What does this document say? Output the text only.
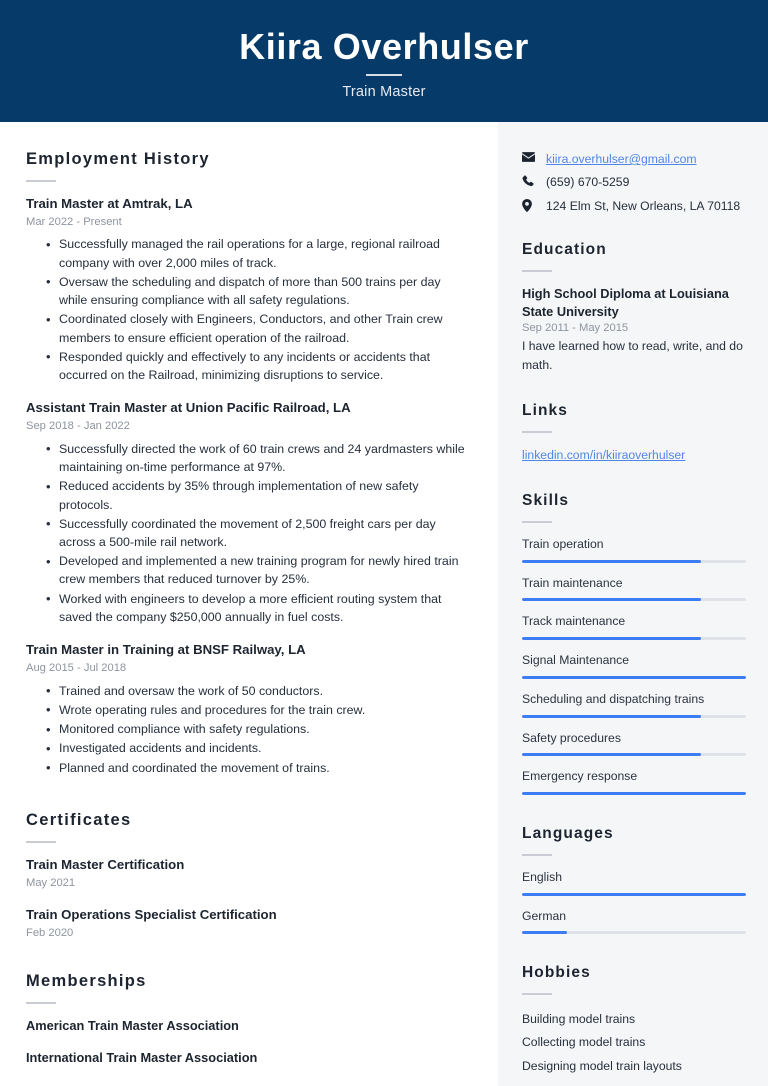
Kiira Overhulser
Train Master
Employment History
Train Master at Amtrak, LA
Mar 2022 - Present
• Successfully managed the rail operations for a large, regional railroad company with over 2,000 miles of track.
• Oversaw the scheduling and dispatch of more than 500 trains per day while ensuring compliance with all safety regulations.
• Coordinated closely with Engineers, Conductors, and other Train crew members to ensure efficient operation of the railroad.
• Responded quickly and effectively to any incidents or accidents that occurred on the Railroad, minimizing disruptions to service.
Assistant Train Master at Union Pacific Railroad, LA
Sep 2018 - Jan 2022
• Successfully directed the work of 60 train crews and 24 yardmasters while maintaining on-time performance at 97%.
• Reduced accidents by 35% through implementation of new safety protocols.
• Successfully coordinated the movement of 2,500 freight cars per day across a 500-mile rail network.
• Developed and implemented a new training program for newly hired train crew members that reduced turnover by 25%.
• Worked with engineers to develop a more efficient routing system that saved the company $250,000 annually in fuel costs.
Train Master in Training at BNSF Railway, LA
Aug 2015 - Jul 2018
• Trained and oversaw the work of 50 conductors.
• Wrote operating rules and procedures for the train crew.
• Monitored compliance with safety regulations.
• Investigated accidents and incidents.
• Planned and coordinated the movement of trains.
Certificates
Train Master Certification
May 2021
Train Operations Specialist Certification
Feb 2020
Memberships
American Train Master Association
International Train Master Association
kiira.overhulser@gmail.com
(659) 670-5259
124 Elm St, New Orleans, LA 70118
Education
High School Diploma at Louisiana State University
Sep 2011 - May 2015
I have learned how to read, write, and do math.
Links
linkedin.com/in/kiiraoverhulser
Skills
Train operation
Train maintenance
Track maintenance
Signal Maintenance
Scheduling and dispatching trains
Safety procedures
Emergency response
Languages
English
German
Hobbies
Building model trains
Collecting model trains
Designing model train layouts
